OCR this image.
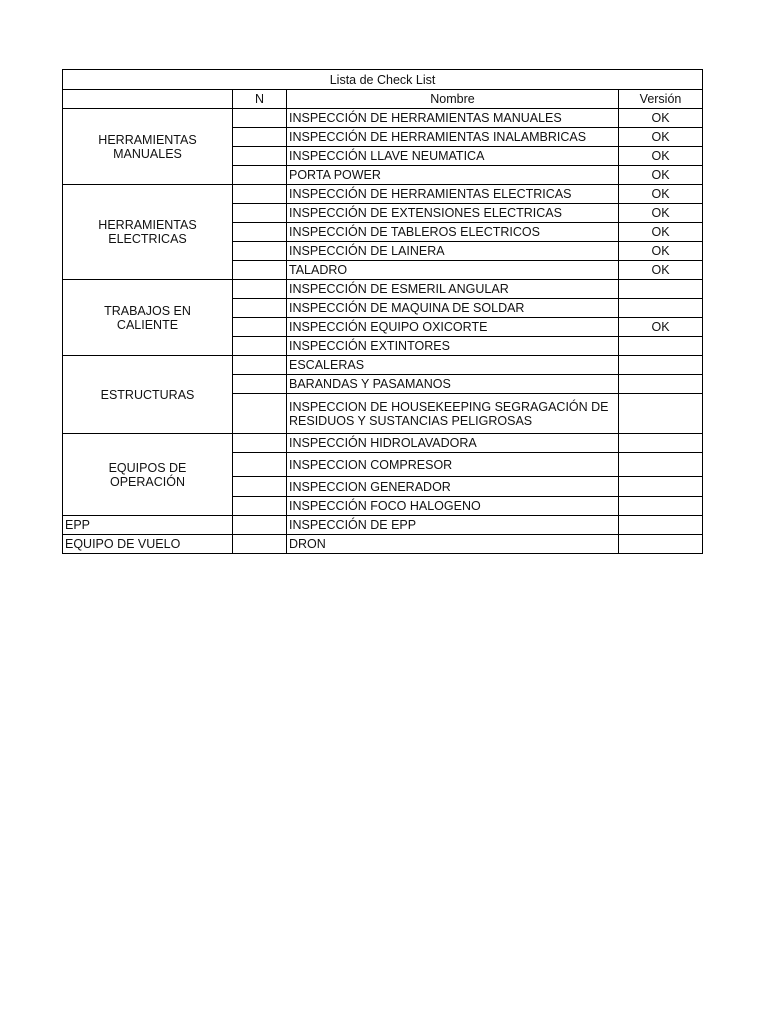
Lista de Check List			
	N	Nombre	Versión
HERRAMIENTAS MANUALES		INSPECCIÓN DE HERRAMIENTAS MANUALES	OK
		INSPECCIÓN DE HERRAMIENTAS INALAMBRICAS	OK
		INSPECCIÓN LLAVE NEUMATICA	OK
		PORTA POWER	OK
HERRAMIENTAS ELECTRICAS		INSPECCIÓN DE HERRAMIENTAS ELECTRICAS	OK
		INSPECCIÓN DE EXTENSIONES ELECTRICAS	OK
		INSPECCIÓN DE TABLEROS ELECTRICOS	OK
		INSPECCIÓN DE LAINERA	OK
		TALADRO	OK
TRABAJOS EN CALIENTE		INSPECCIÓN DE ESMERIL ANGULAR	
		INSPECCIÓN DE MAQUINA DE SOLDAR	
		INSPECCIÓN EQUIPO OXICORTE	OK
		INSPECCIÓN EXTINTORES	
ESTRUCTURAS		ESCALERAS	
		BARANDAS Y PASAMANOS	
		INSPECCION DE HOUSEKEEPING SEGRAGACIÓN DE RESIDUOS Y SUSTANCIAS PELIGROSAS	
EQUIPOS DE OPERACIÓN		INSPECCIÓN HIDROLAVADORA	
		INSPECCION COMPRESOR	
		INSPECCION GENERADOR	
		INSPECCIÓN FOCO HALOGENO	
EPP		INSPECCIÓN DE EPP	
EQUIPO DE VUELO		DRON	
